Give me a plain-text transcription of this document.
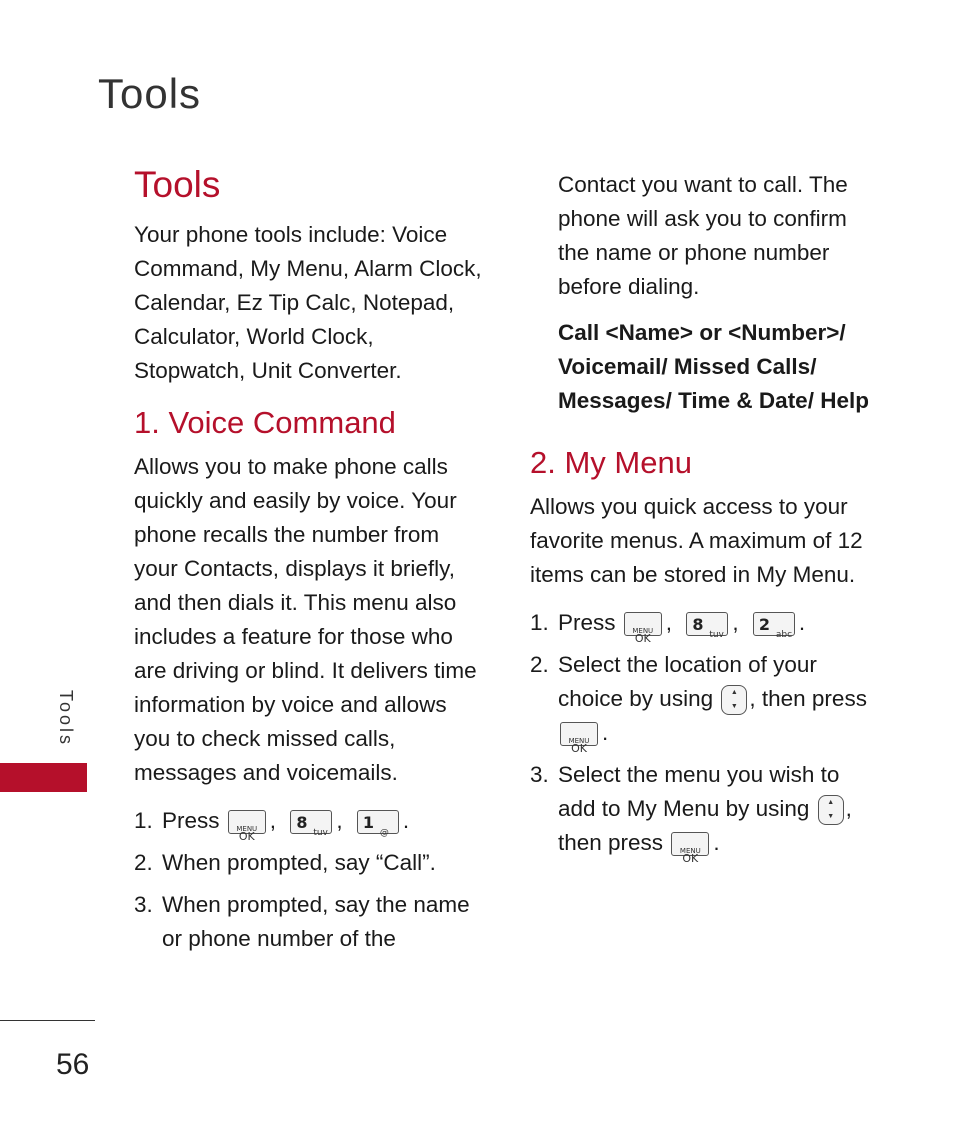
Tools
Tools
56
Tools

Your phone tools include: Voice Command, My Menu, Alarm Clock, Calendar, Ez Tip Calc, Notepad, Calculator, World Clock, Stopwatch, Unit Converter.

1. Voice Command

Allows you to make phone calls quickly and easily by voice. Your phone recalls the number from your Contacts, displays it briefly, and then dials it. This menu also includes a feature for those who are driving or blind. It delivers time information by voice and allows you to check missed calls, messages and voicemails.

1. Press	MENU
OK
, 8
tuv
, 1
@
.
2. When prompted, say “Call”.
3. When prompted, say the name or phone number of the

Contact you want to call. The phone will ask you to confirm the name or phone number before dialing.

Call <Name> or <Number>/ Voicemail/ Missed Calls/ Messages/ Time & Date/ Help

2. My Menu

Allows you quick access to your favorite menus. A maximum of 12 items can be stored in My Menu.

1. Press	MENU
OK
, 8
tuv
, 2
abc
.
2. Select the location of your choice by using	▲
▼ , then press
MENU
OK
.
3. Select the menu you wish to add to My Menu by using	▲
▼ , then press	MENU
OK
.
